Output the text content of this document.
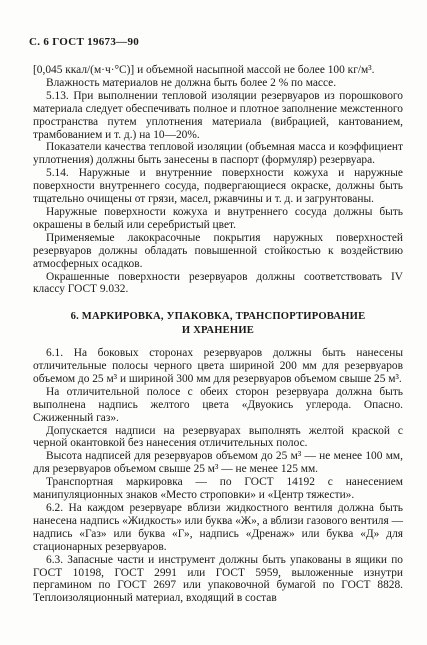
С. 6 ГОСТ 19673—90

[0,045 ккал/(м·ч·°С)] и объемной насыпной массой не более 100 кг/м³.

Влажность материалов не должна быть более 2 % по массе.

5.13. При выполнении тепловой изоляции резервуаров из порошкового материала следует обеспечивать полное и плотное заполнение межстенного пространства путем уплотнения материала (вибрацией, кантованием, трамбованием и т. д.) на 10—20%.

Показатели качества тепловой изоляции (объемная масса и коэффициент уплотнения) должны быть занесены в паспорт (формуляр) резервуара.

5.14. Наружные и внутренние поверхности кожуха и наружные поверхности внутреннего сосуда, подвергающиеся окраске, должны быть тщательно очищены от грязи, масел, ржавчины и т. д. и загрунтованы.

Наружные поверхности кожуха и внутреннего сосуда должны быть окрашены в белый или серебристый цвет.

Применяемые лакокрасочные покрытия наружных поверхностей резервуаров должны обладать повышенной стойкостью к воздействию атмосферных осадков.

Окрашенные поверхности резервуаров должны соответствовать IV классу ГОСТ 9.032.

6. МАРКИРОВКА, УПАКОВКА, ТРАНСПОРТИРОВАНИЕ
И ХРАНЕНИЕ

6.1. На боковых сторонах резервуаров должны быть нанесены отличительные полосы черного цвета шириной 200 мм для резервуаров объемом до 25 м³ и шириной 300 мм для резервуаров объемом свыше 25 м³.

На отличительной полосе с обеих сторон резервуара должна быть выполнена надпись желтого цвета «Двуокись углерода. Опасно. Сжиженный газ».

Допускается надписи на резервуарах выполнять желтой краской с черной окантовкой без нанесения отличительных полос.

Высота надписей для резервуаров объемом до 25 м³ — не менее 100 мм, для резервуаров объемом свыше 25 м³ — не менее 125 мм.

Транспортная маркировка — по ГОСТ 14192 с нанесением манипуляционных знаков «Место строповки» и «Центр тяжести».

6.2. На каждом резервуаре вблизи жидкостного вентиля должна быть нанесена надпись «Жидкость» или буква «Ж», а вблизи газового вентиля — надпись «Газ» или буква «Г», надпись «Дренаж» или буква «Д» для стационарных резервуаров.

6.3. Запасные части и инструмент должны быть упакованы в ящики по ГОСТ 10198, ГОСТ 2991 или ГОСТ 5959, выложенные изнутри пергамином по ГОСТ 2697 или упаковочной бумагой по ГОСТ 8828. Теплоизоляционный материал, входящий в состав
